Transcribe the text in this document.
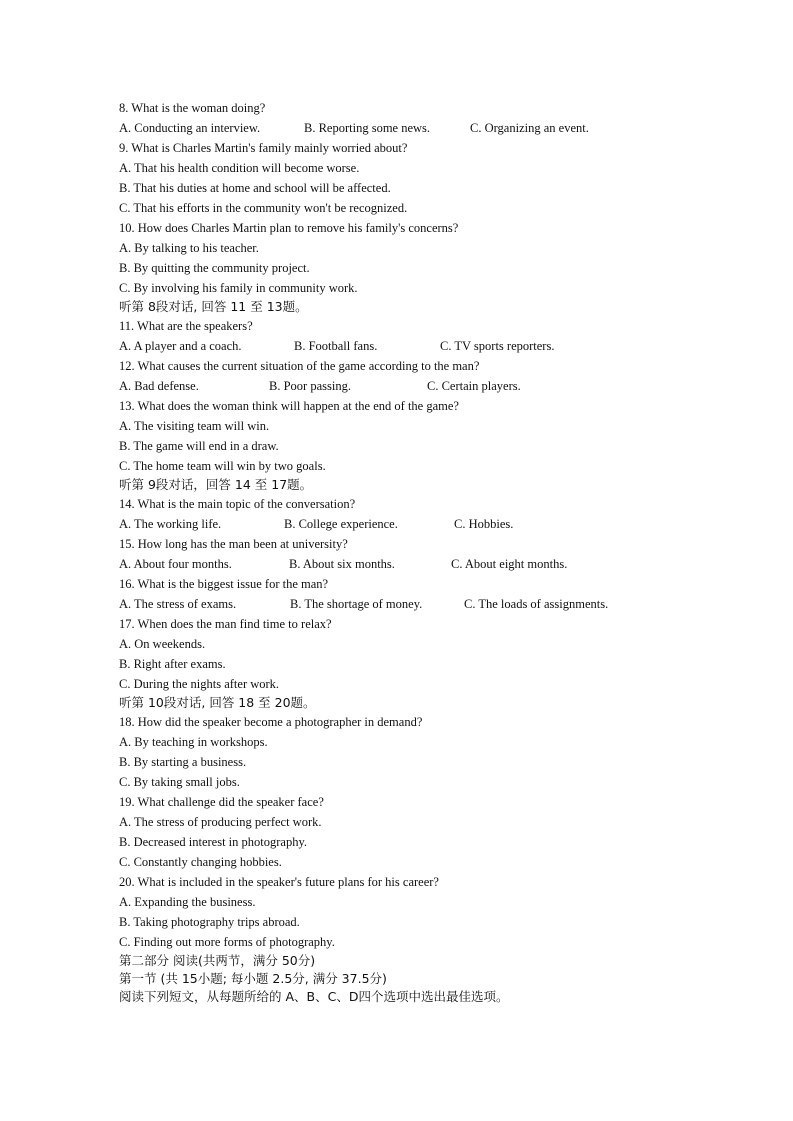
8. What is the woman doing?
A. Conducting an interview.	B. Reporting some news.	C. Organizing an event.
9. What is Charles Martin's family mainly worried about?
A. That his health condition will become worse.
B. That his duties at home and school will be affected.
C. That his efforts in the community won't be recognized.
10. How does Charles Martin plan to remove his family's concerns?
A. By talking to his teacher.
B. By quitting the community project.
C. By involving his family in community work.
听第 8段对话, 回答 11 至 13题。
11. What are the speakers?
A. A player and a coach.	B. Football fans.	C. TV sports reporters.
12. What causes the current situation of the game according to the man?
A. Bad defense.	B. Poor passing.	C. Certain players.
13. What does the woman think will happen at the end of the game?
A. The visiting team will win.
B. The game will end in a draw.
C. The home team will win by two goals.
听第 9段对话，回答 14 至 17题。
14. What is the main topic of the conversation?
A. The working life.	B. College experience.	C. Hobbies.
15. How long has the man been at university?
A. About four months.	B. About six months.	C. About eight months.
16. What is the biggest issue for the man?
A. The stress of exams.	B. The shortage of money.	C. The loads of assignments.
17. When does the man find time to relax?
A. On weekends.
B. Right after exams.
C. During the nights after work.
听第 10段对话, 回答 18 至 20题。
18. How did the speaker become a photographer in demand?
A. By teaching in workshops.
B. By starting a business.
C. By taking small jobs.
19. What challenge did the speaker face?
A. The stress of producing perfect work.
B. Decreased interest in photography.
C. Constantly changing hobbies.
20. What is included in the speaker's future plans for his career?
A. Expanding the business.
B. Taking photography trips abroad.
C. Finding out more forms of photography.
第二部分 阅读(共两节，满分 50分)
第一节 (共 15小题; 每小题 2.5分, 满分 37.5分)
阅读下列短文，从每题所给的 A、B、C、D四个选项中选出最佳选项。
